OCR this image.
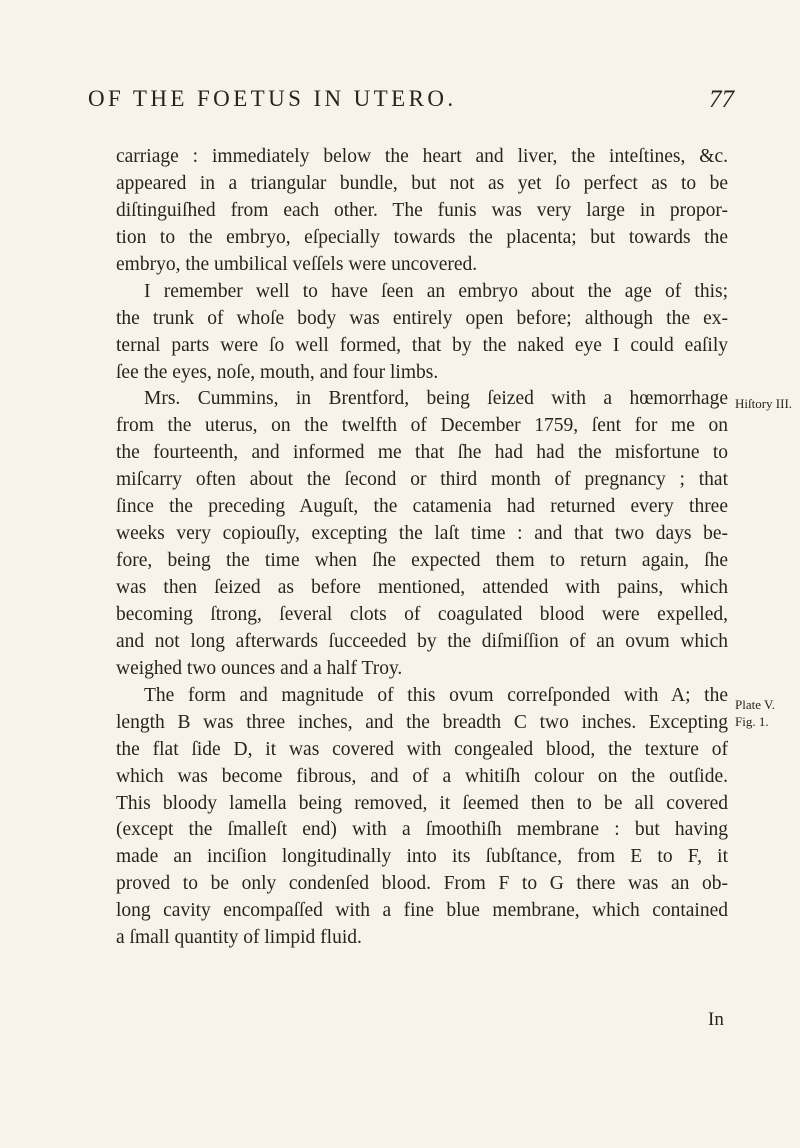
OF THE FOETUS IN UTERO.	77
carriage : immediately below the heart and liver, the inteſtines, &c.
appeared in a triangular bundle, but not as yet ſo perfect as to be
diſtinguiſhed from each other. The funis was very large in propor-
tion to the embryo, eſpecially towards the placenta; but towards the
embryo, the umbilical veſſels were uncovered.
I remember well to have ſeen an embryo about the age of this;
the trunk of whoſe body was entirely open before; although the ex-
ternal parts were ſo well formed, that by the naked eye I could eaſily
ſee the eyes, noſe, mouth, and four limbs.
Mrs. Cummins, in Brentford, being ſeized with a hœmorrhage
from the uterus, on the twelfth of December 1759, ſent for me on
the fourteenth, and informed me that ſhe had had the misfortune to
miſcarry often about the ſecond or third month of pregnancy ; that
ſince the preceding Auguſt, the catamenia had returned every three
weeks very copiouſly, excepting the laſt time : and that two days be-
fore, being the time when ſhe expected them to return again, ſhe
was then ſeized as before mentioned, attended with pains, which
becoming ſtrong, ſeveral clots of coagulated blood were expelled,
and not long afterwards ſucceeded by the diſmiſſion of an ovum which
weighed two ounces and a half Troy.
The form and magnitude of this ovum correſponded with A; the
length B was three inches, and the breadth C two inches. Excepting
the flat ſide D, it was covered with congealed blood, the texture of
which was become fibrous, and of a whitiſh colour on the outſide.
This bloody lamella being removed, it ſeemed then to be all covered
(except the ſmalleſt end) with a ſmoothiſh membrane : but having
made an inciſion longitudinally into its ſubſtance, from E to F, it
proved to be only condenſed blood. From F to G there was an ob-
long cavity encompaſſed with a fine blue membrane, which contained
a ſmall quantity of limpid fluid.
Hiſtory III.
Plate V.
Fig. 1.
In
